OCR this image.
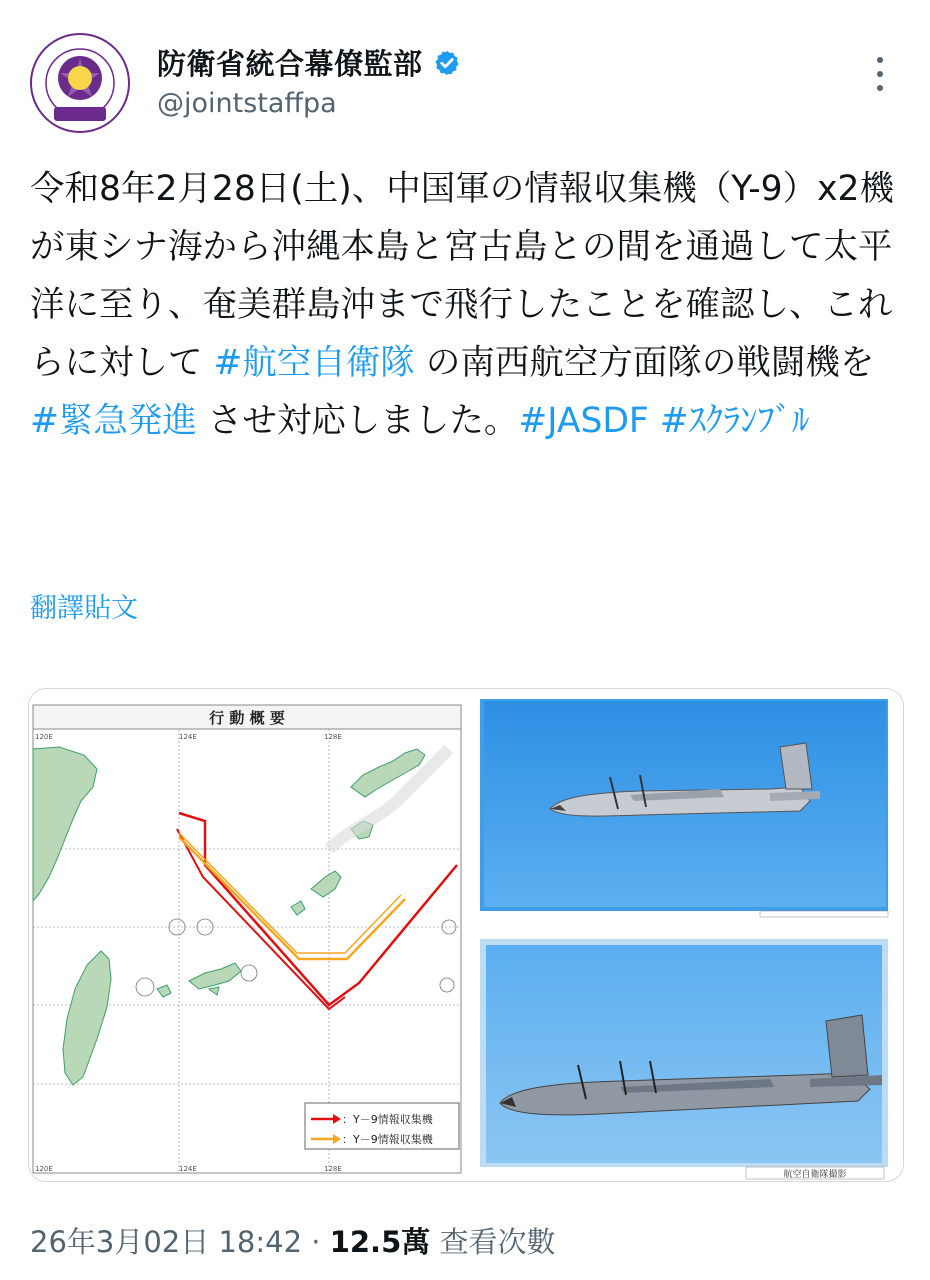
防衛省統合幕僚監部
@jointstaffpa
令和8年2月28日(土)、中国軍の情報収集機（Y-9）x2機が東シナ海から沖縄本島と宮古島との間を通過して太平洋に至り、奄美群島沖まで飛行したことを確認し、これらに対して #航空自衛隊 の南西航空方面隊の戦闘機を #緊急発進 させ対応しました。#JASDF #ｽｸﾗﾝﾌﾞﾙ
翻譯貼文
行 動 概 要
120E	124E	128E
120E	124E	128E
：Y－9情報収集機
：Y－9情報収集機
航空自衛隊撮影
26年3月02日 18:42 · 12.5萬 查看次數
